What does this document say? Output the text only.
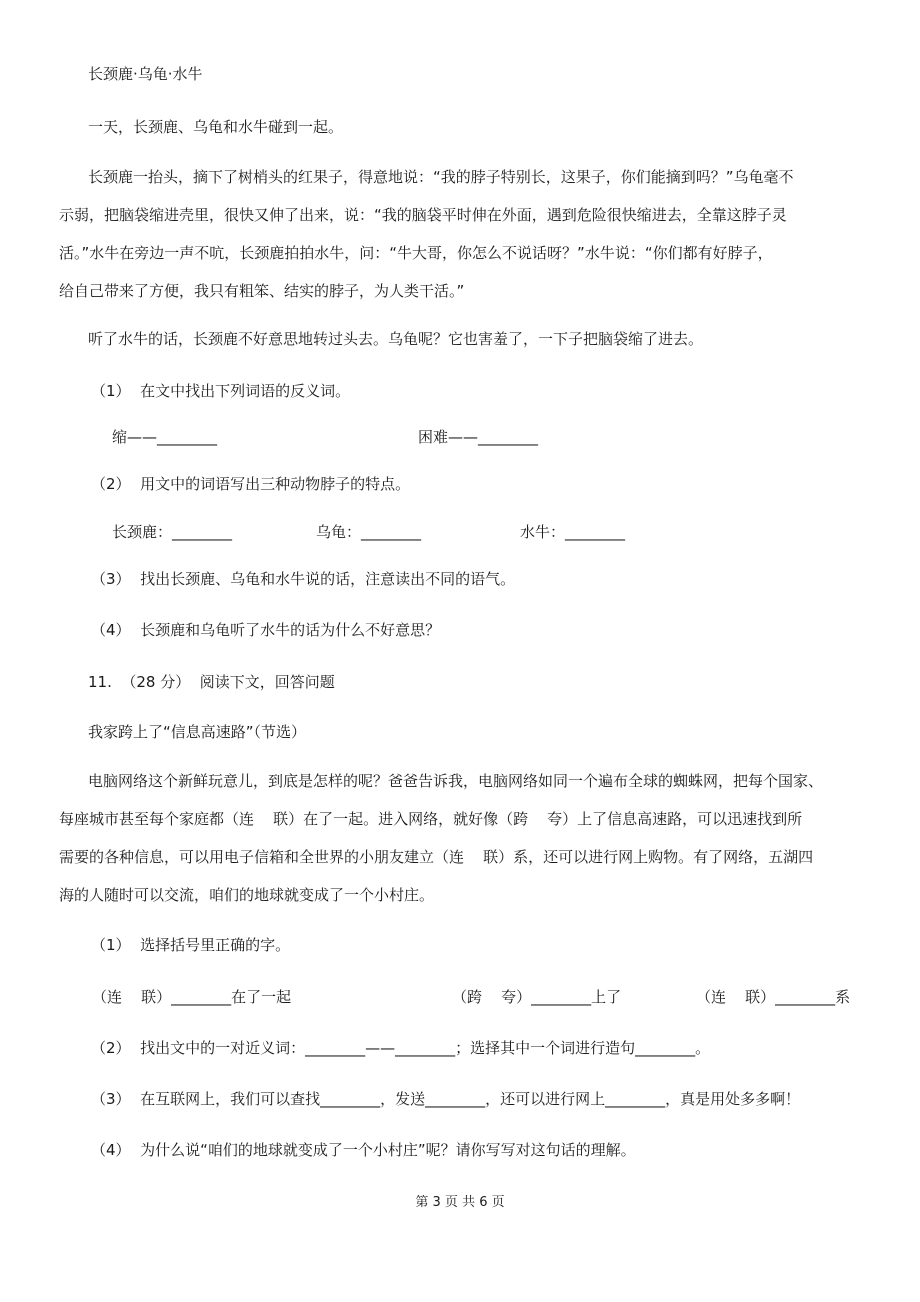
长颈鹿·乌龟·水牛
一天，长颈鹿、乌龟和水牛碰到一起。
长颈鹿一抬头，摘下了树梢头的红果子，得意地说：“我的脖子特别长，这果子，你们能摘到吗？”乌龟毫不
示弱，把脑袋缩进壳里，很快又伸了出来，说：“我的脑袋平时伸在外面，遇到危险很快缩进去，全靠这脖子灵
活。”水牛在旁边一声不吭，长颈鹿拍拍水牛，问：“牛大哥，你怎么不说话呀？”水牛说：“你们都有好脖子，
给自己带来了方便，我只有粗笨、结实的脖子，为人类干活。”
听了水牛的话，长颈鹿不好意思地转过头去。乌龟呢？它也害羞了，一下子把脑袋缩了进去。
（1）  在文中找出下列词语的反义词。
缩——________	困难——________
（2）  用文中的词语写出三种动物脖子的特点。
长颈鹿：________	乌龟：________	水牛：________
（3）  找出长颈鹿、乌龟和水牛说的话，注意读出不同的语气。
（4）  长颈鹿和乌龟听了水牛的话为什么不好意思？
11.  （28 分）  阅读下文，回答问题
我家跨上了“信息高速路”（节选）
电脑网络这个新鲜玩意儿，到底是怎样的呢？爸爸告诉我，电脑网络如同一个遍布全球的蜘蛛网，把每个国家、
每座城市甚至每个家庭都（连    联）在了一起。进入网络，就好像（跨    夸）上了信息高速路，可以迅速找到所
需要的各种信息，可以用电子信箱和全世界的小朋友建立（连    联）系，还可以进行网上购物。有了网络，五湖四
海的人随时可以交流，咱们的地球就变成了一个小村庄。
（1）  选择括号里正确的字。
（连    联）________在了一起	（跨    夸）________上了	（连    联）________系
（2）  找出文中的一对近义词：________——________；选择其中一个词进行造句________。
（3）  在互联网上，我们可以查找________，发送________，还可以进行网上________，真是用处多多啊！
（4）  为什么说“咱们的地球就变成了一个小村庄”呢？请你写写对这句话的理解。
第 3 页 共 6 页
